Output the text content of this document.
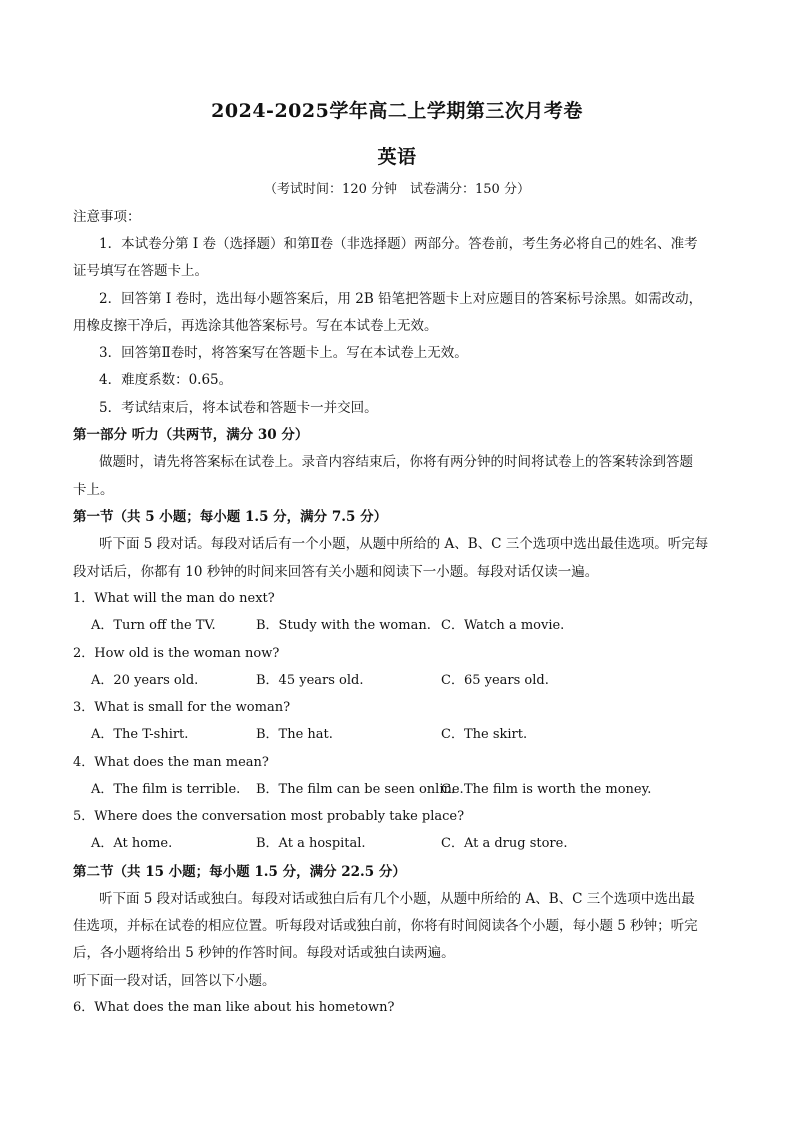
2024-2025学年高二上学期第三次月考卷
英语
（考试时间：120 分钟　试卷满分：150 分）
注意事项：
1．本试卷分第 I 卷（选择题）和第Ⅱ卷（非选择题）两部分。答卷前，考生务必将自己的姓名、准考
证号填写在答题卡上。
2．回答第 I 卷时，选出每小题答案后，用 2B 铅笔把答题卡上对应题目的答案标号涂黑。如需改动，
用橡皮擦干净后，再选涂其他答案标号。写在本试卷上无效。
3．回答第Ⅱ卷时，将答案写在答题卡上。写在本试卷上无效。
4．难度系数：0.65。
5．考试结束后，将本试卷和答题卡一并交回。
第一部分 听力（共两节，满分 30 分）
做题时，请先将答案标在试卷上。录音内容结束后，你将有两分钟的时间将试卷上的答案转涂到答题
卡上。
第一节（共 5 小题；每小题 1.5 分，满分 7.5 分）
听下面 5 段对话。每段对话后有一个小题，从题中所给的 A、B、C 三个选项中选出最佳选项。听完每
段对话后，你都有 10 秒钟的时间来回答有关小题和阅读下一小题。每段对话仅读一遍。
1．What will the man do next?
A．Turn off the TV.	B．Study with the woman. C．Watch a movie.
2．How old is the woman now?
A．20 years old.	B．45 years old.	C．65 years old.
3．What is small for the woman?
A．The T-shirt.	B．The hat.	C．The skirt.
4．What does the man mean?
A．The film is terrible. B．The film can be seen online.
C．The film is worth the money.
5．Where does the conversation most probably take place?
A．At home.	B．At a hospital.	C．At a drug store.
第二节（共 15 小题；每小题 1.5 分，满分 22.5 分）
听下面 5 段对话或独白。每段对话或独白后有几个小题，从题中所给的 A、B、C 三个选项中选出最
佳选项，并标在试卷的相应位置。听每段对话或独白前，你将有时间阅读各个小题，每小题 5 秒钟；听完
后，各小题将给出 5 秒钟的作答时间。每段对话或独白读两遍。
听下面一段对话，回答以下小题。
6．What does the man like about his hometown?
